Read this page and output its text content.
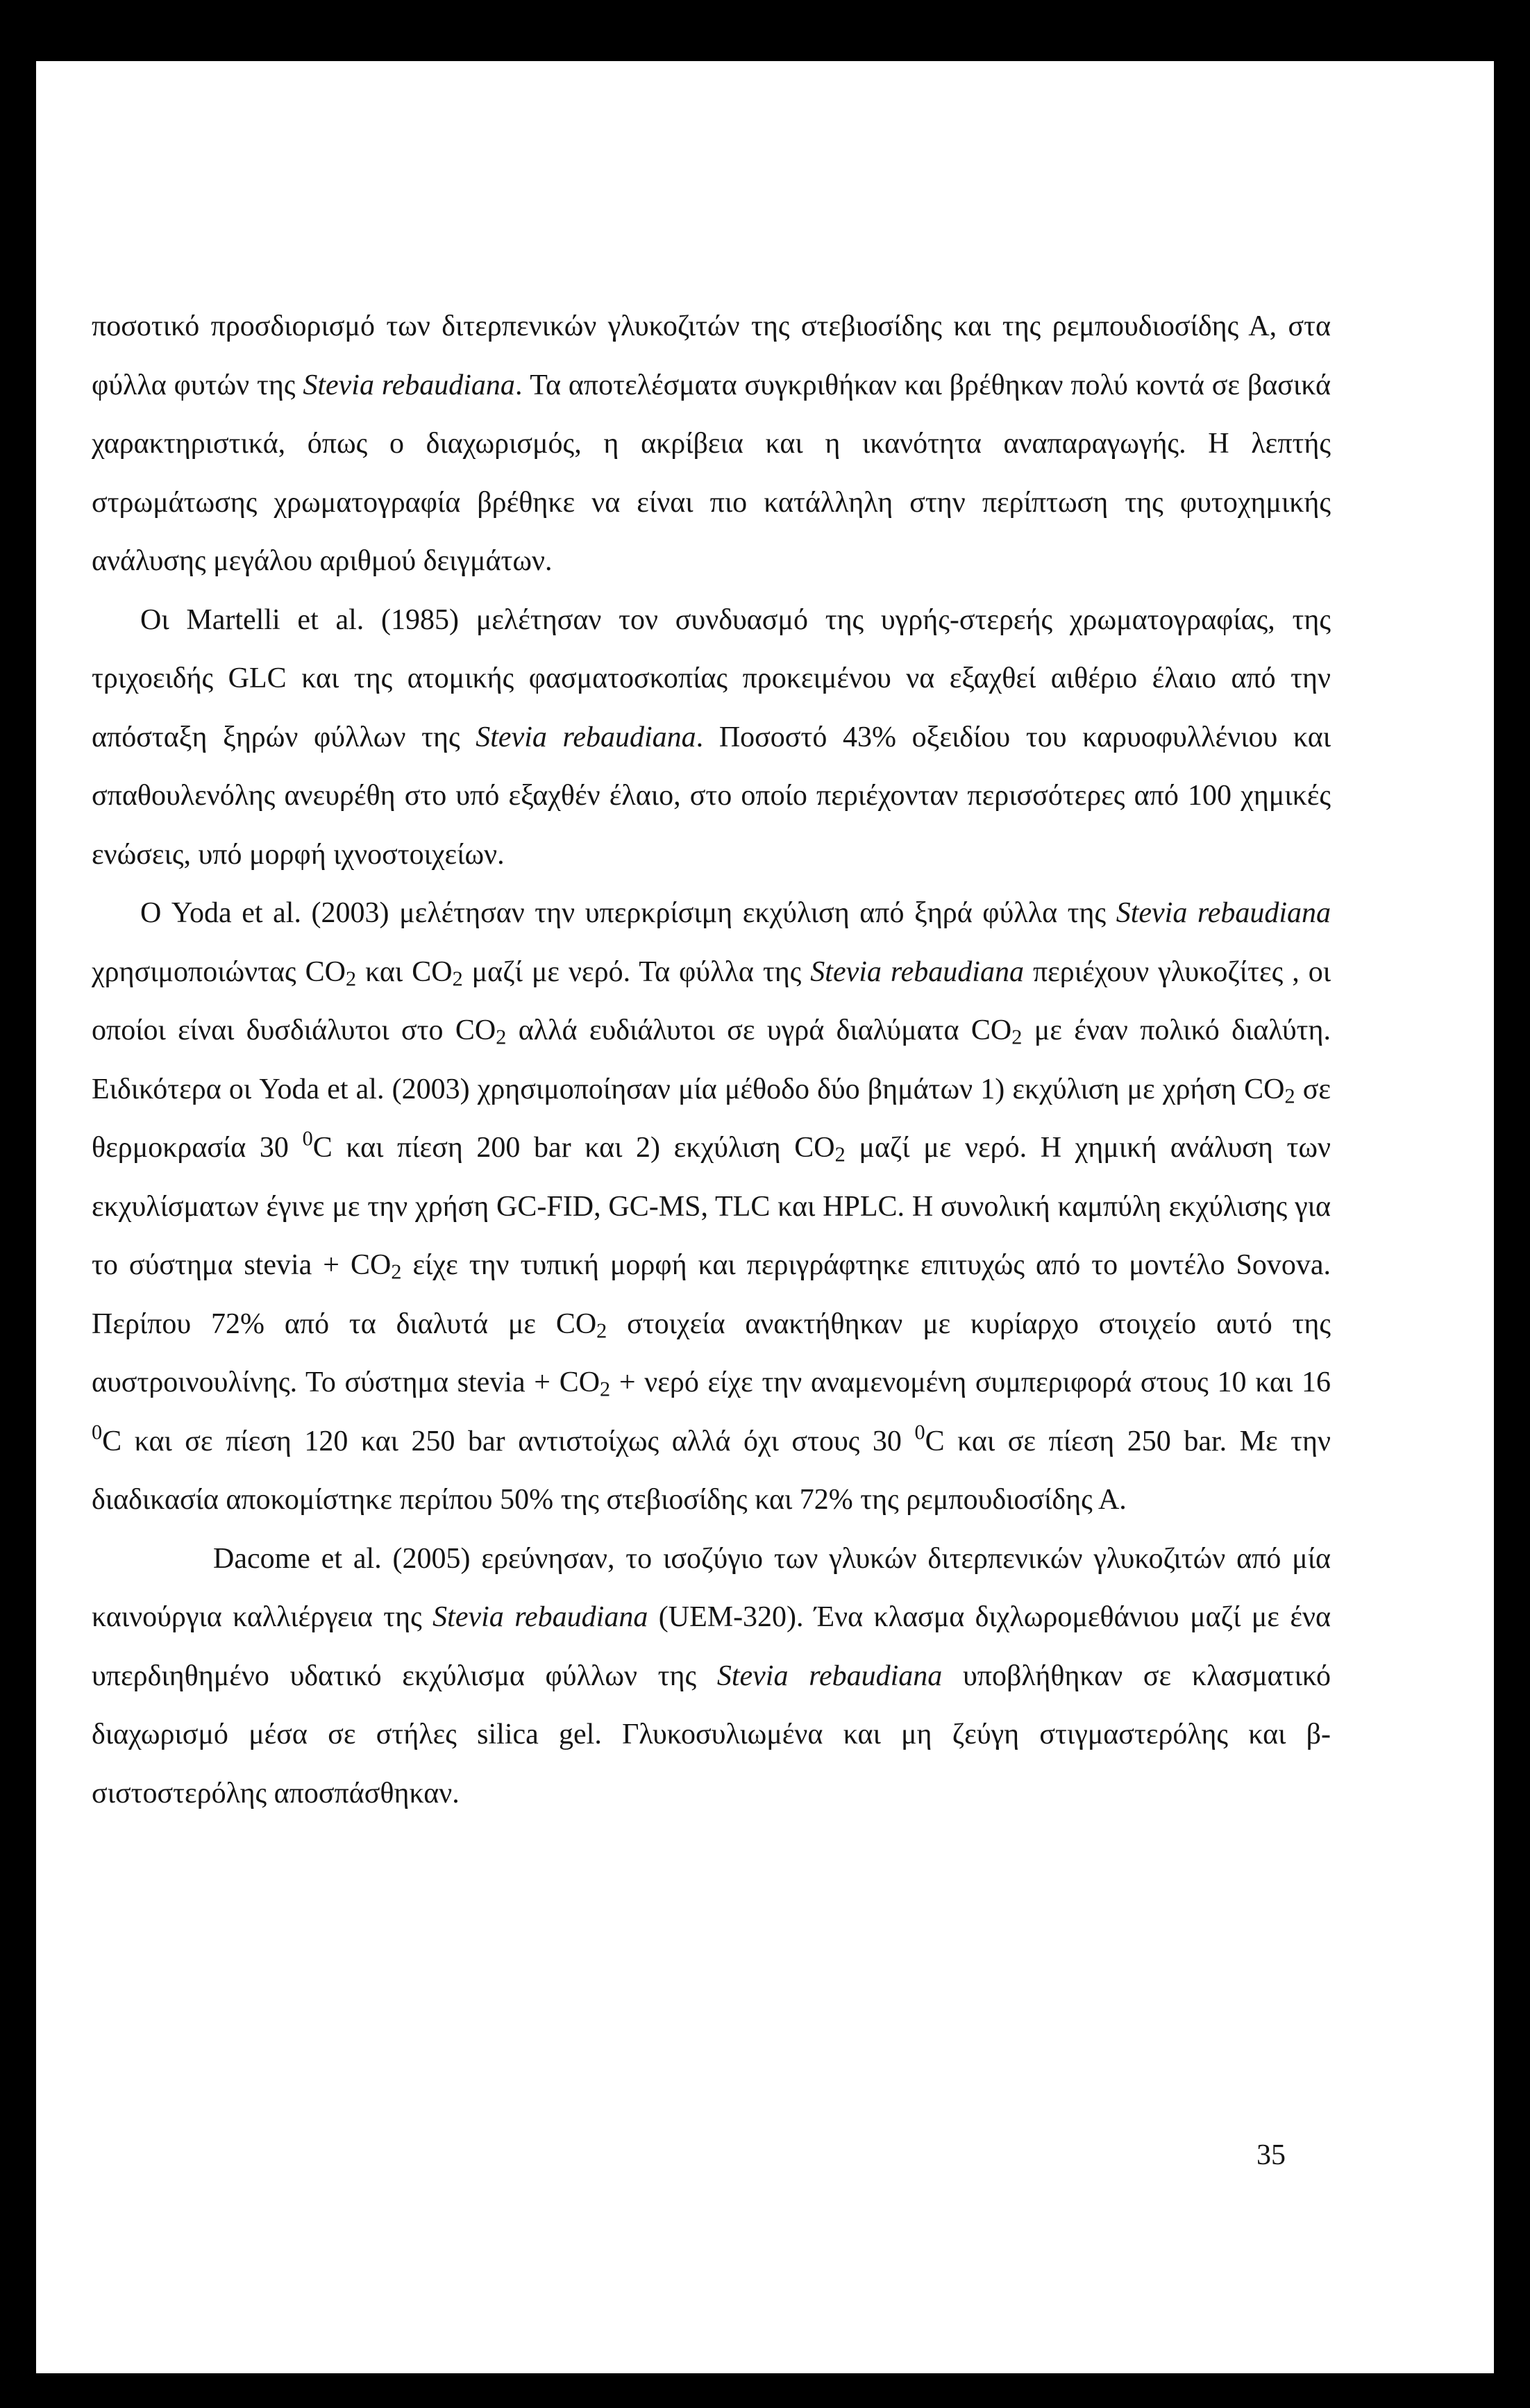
ποσοτικό προσδιορισμό των διτερπενικών γλυκοζιτών της στεβιοσίδης και της ρεμπουδιοσίδης Α, στα φύλλα φυτών της Stevia rebaudiana. Τα αποτελέσματα συγκριθήκαν και βρέθηκαν πολύ κοντά σε βασικά χαρακτηριστικά, όπως ο διαχωρισμός, η ακρίβεια και η ικανότητα αναπαραγωγής. Η λεπτής στρωμάτωσης χρωματογραφία βρέθηκε να είναι πιο κατάλληλη στην περίπτωση της φυτοχημικής ανάλυσης μεγάλου αριθμού δειγμάτων.

Οι Martelli et al. (1985) μελέτησαν τον συνδυασμό της υγρής-στερεής χρωματογραφίας, της τριχοειδής GLC και της ατομικής φασματοσκοπίας προκειμένου να εξαχθεί αιθέριο έλαιο από την απόσταξη ξηρών φύλλων της Stevia rebaudiana. Ποσοστό 43% οξειδίου του καρυοφυλλένιου και σπαθουλενόλης ανευρέθη στο υπό εξαχθέν έλαιο, στο οποίο περιέχονταν περισσότερες από 100 χημικές ενώσεις, υπό μορφή ιχνοστοιχείων.

Ο Yoda et al. (2003) μελέτησαν την υπερκρίσιμη εκχύλιση από ξηρά φύλλα της Stevia rebaudiana χρησιμοποιώντας $CO_2$ και $CO_2$ μαζί με νερό. Τα φύλλα της Stevia rebaudiana περιέχουν γλυκοζίτες , οι οποίοι είναι δυσδιάλυτοι στο $CO_2$ αλλά ευδιάλυτοι σε υγρά διαλύματα $CO_2$ με έναν πολικό διαλύτη. Ειδικότερα οι Yoda et al. (2003) χρησιμοποίησαν μία μέθοδο δύο βημάτων 1) εκχύλιση με χρήση $CO_2$ σε θερμοκρασία 30 $^0$C και πίεση 200 bar και 2) εκχύλιση $CO_2$ μαζί με νερό. Η χημική ανάλυση των εκχυλίσματων έγινε με την χρήση GC-FID, GC-MS, TLC και HPLC. Η συνολική καμπύλη εκχύλισης για το σύστημα stevia + $CO_2$ είχε την τυπική μορφή και περιγράφτηκε επιτυχώς από το μοντέλο Sovova. Περίπου 72% από τα διαλυτά με $CO_2$ στοιχεία ανακτήθηκαν με κυρίαρχο στοιχείο αυτό της αυστροινουλίνης. Το σύστημα stevia + $CO_2 + \nu\varepsilon\rho ό$ είχε την αναμενομένη συμπεριφορά στους 10 και 16 $^0$C και σε πίεση 120 και 250 bar αντιστοίχως αλλά όχι στους 30 $^0$C και σε πίεση 250 bar. Με την διαδικασία αποκομίστηκε περίπου 50% της στεβιοσίδης και 72% της ρεμπουδιοσίδης Α.

Dacome et al. (2005) ερεύνησαν, το ισοζύγιο των γλυκών διτερπενικών γλυκοζιτών από μία καινούργια καλλιέργεια της Stevia rebaudiana (UEM-320). Ένα κλασμα διχλωρομεθάνιου μαζί με ένα υπερδιηθημένο υδατικό εκχύλισμα φύλλων της Stevia rebaudiana υποβλήθηκαν σε κλασματικό διαχωρισμό μέσα σε στήλες silica gel. Γλυκοσυλιωμένα και μη ζεύγη στιγμαστερόλης και β-σιστοστερόλης αποσπάσθηκαν.

35
